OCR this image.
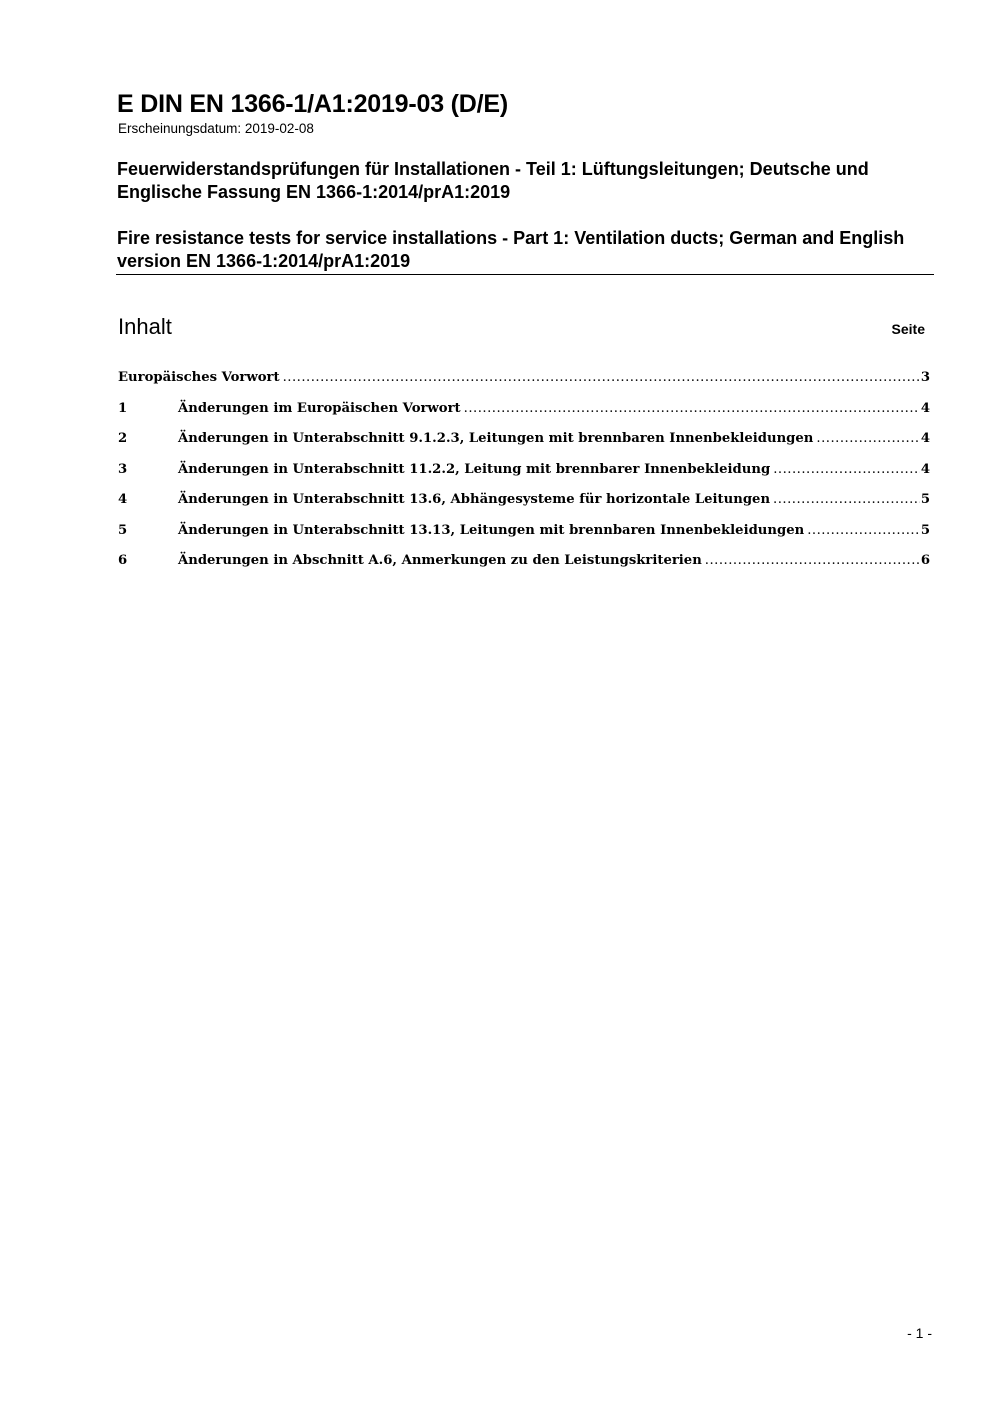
E DIN EN 1366-1/A1:2019-03 (D/E)
Erscheinungsdatum: 2019-02-08
Feuerwiderstandsprüfungen für Installationen - Teil 1: Lüftungsleitungen; Deutsche und Englische Fassung EN 1366-1:2014/prA1:2019
Fire resistance tests for service installations - Part 1: Ventilation ducts; German and English version EN 1366-1:2014/prA1:2019
Inhalt	Seite
Europäisches Vorwort .....	3
1	Änderungen im Europäischen Vorwort .....	4
2	Änderungen in Unterabschnitt 9.1.2.3, Leitungen mit brennbaren Innenbekleidungen .....	4
3	Änderungen in Unterabschnitt 11.2.2, Leitung mit brennbarer Innenbekleidung .....	4
4	Änderungen in Unterabschnitt 13.6, Abhängesysteme für horizontale Leitungen .....	5
5	Änderungen in Unterabschnitt 13.13, Leitungen mit brennbaren Innenbekleidungen .....	5
6	Änderungen in Abschnitt A.6, Anmerkungen zu den Leistungskriterien .....	6
- 1 -
